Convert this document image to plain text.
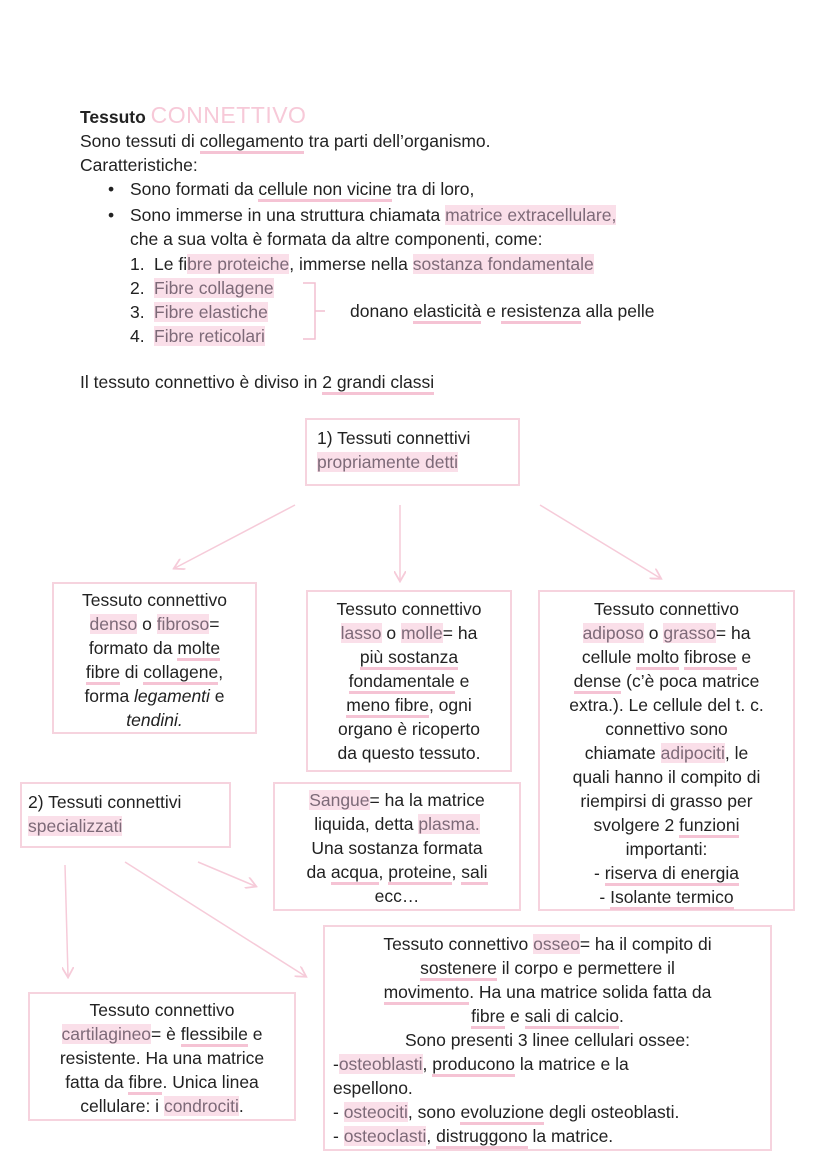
Tessuto CONNETTIVO
Sono tessuti di collegamento tra parti dell’organismo.
Caratteristiche:
• Sono formati da cellule non vicine tra di loro,
• Sono immerse in una struttura chiamata matrice extracellulare,
che a sua volta è formata da altre componenti, come:
1. Le fibre proteiche, immerse nella sostanza fondamentale
2. Fibre collagene
3. Fibre elastiche
4. Fibre reticolari
donano elasticità e resistenza alla pelle
Il tessuto connettivo è diviso in 2 grandi classi
1) Tessuti connettivi
propriamente detti
Tessuto connettivo
denso o fibroso=
formato da molte
fibre di collagene,
forma legamenti e
tendini.
Tessuto connettivo
lasso o molle= ha
più sostanza
fondamentale e
meno fibre, ogni
organo è ricoperto
da questo tessuto.
Tessuto connettivo
adiposo o grasso= ha
cellule molto fibrose e
dense (c’è poca matrice
extra.). Le cellule del t. c.
connettivo sono
chiamate adipociti, le
quali hanno il compito di
riempirsi di grasso per
svolgere 2 funzioni
importanti:
- riserva di energia
- Isolante termico
2) Tessuti connettivi
specializzati
Sangue= ha la matrice
liquida, detta plasma.
Una sostanza formata
da acqua, proteine, sali
ecc…
Tessuto connettivo osseo= ha il compito di
sostenere il corpo e permettere il
movimento. Ha una matrice solida fatta da
fibre e sali di calcio.
Sono presenti 3 linee cellulari ossee:
-osteoblasti, producono la matrice e la
espellono.
- osteociti, sono evoluzione degli osteoblasti.
- osteoclasti, distruggono la matrice.
Tessuto connettivo
cartilagineo= è flessibile e
resistente. Ha una matrice
fatta da fibre. Unica linea
cellulare: i condrociti.
